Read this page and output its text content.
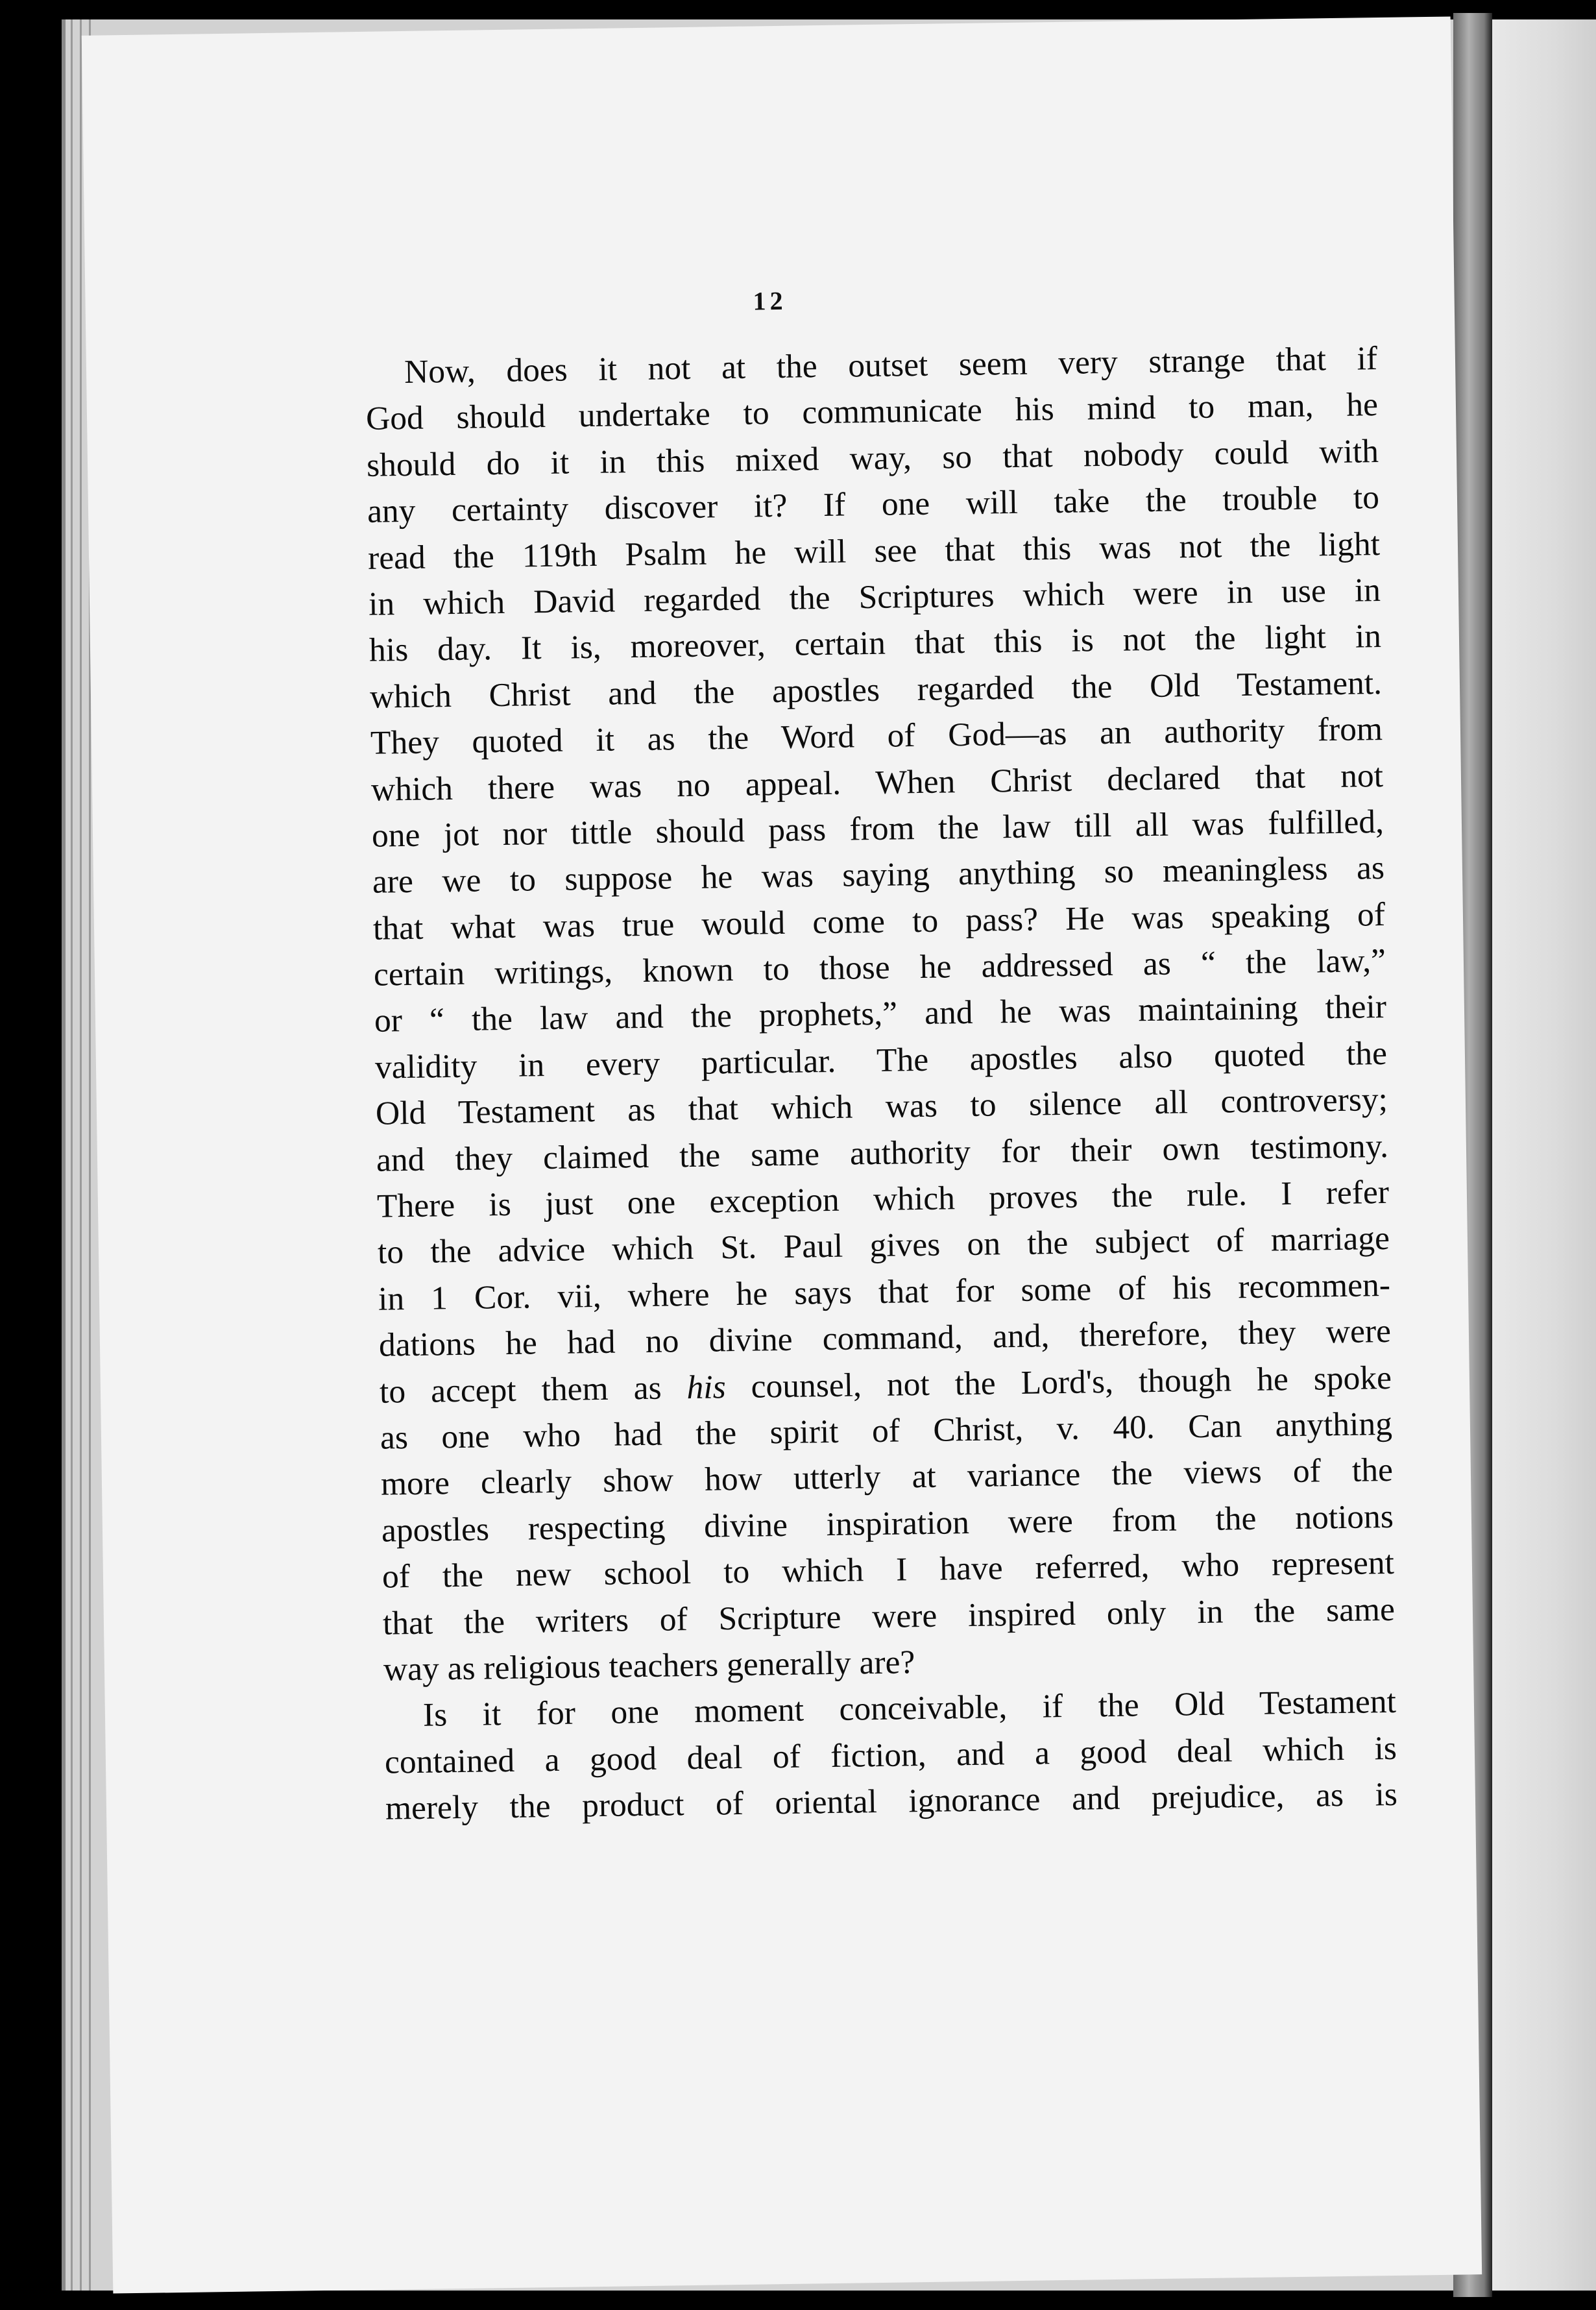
12
Now, does it not at the outset seem very strange that if
God should undertake to communicate his mind to man, he
should do it in this mixed way, so that nobody could with
any certainty discover it? If one will take the trouble to
read the 119th Psalm he will see that this was not the light
in which David regarded the Scriptures which were in use in
his day. It is, moreover, certain that this is not the light in
which Christ and the apostles regarded the Old Testament.
They quoted it as the Word of God—as an authority from
which there was no appeal. When Christ declared that not
one jot nor tittle should pass from the law till all was fulfilled,
are we to suppose he was saying anything so meaningless as
that what was true would come to pass? He was speaking of
certain writings, known to those he addressed as “ the law,”
or “ the law and the prophets,” and he was maintaining their
validity in every particular. The apostles also quoted the
Old Testament as that which was to silence all controversy;
and they claimed the same authority for their own testimony.
There is just one exception which proves the rule. I refer
to the advice which St. Paul gives on the subject of marriage
in 1 Cor. vii, where he says that for some of his recommen-
dations he had no divine command, and, therefore, they were
to accept them as his counsel, not the Lord's, though he spoke
as one who had the spirit of Christ, v. 40. Can anything
more clearly show how utterly at variance the views of the
apostles respecting divine inspiration were from the notions
of the new school to which I have referred, who represent
that the writers of Scripture were inspired only in the same
way as religious teachers generally are?
Is it for one moment conceivable, if the Old Testament
contained a good deal of fiction, and a good deal which is
merely the product of oriental ignorance and prejudice, as is
